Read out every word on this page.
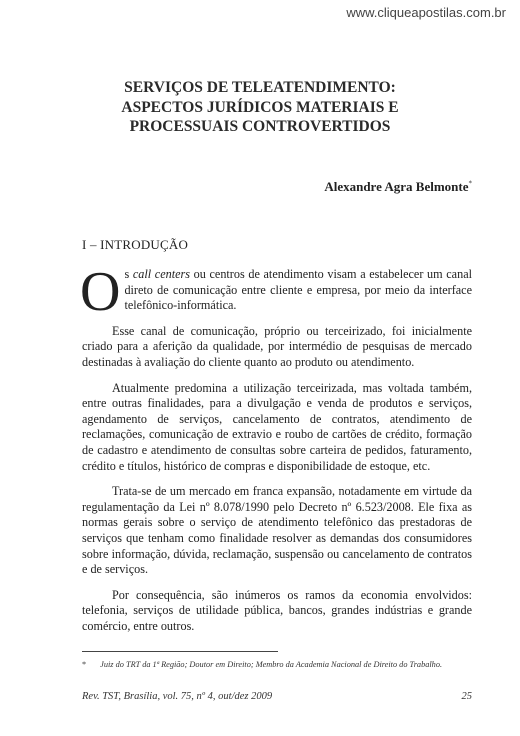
www.cliqueapostilas.com.br
SERVIÇOS DE TELEATENDIMENTO:
ASPECTOS JURÍDICOS MATERIAIS E
PROCESSUAIS CONTROVERTIDOS
Alexandre Agra Belmonte*
I – INTRODUÇÃO

Os call centers ou centros de atendimento visam a estabelecer um canal direto de comunicação entre cliente e empresa, por meio da interface telefônico-informática.

Esse canal de comunicação, próprio ou terceirizado, foi inicialmente criado para a aferição da qualidade, por intermédio de pesquisas de mercado destinadas à avaliação do cliente quanto ao produto ou atendimento.

Atualmente predomina a utilização terceirizada, mas voltada também, entre outras finalidades, para a divulgação e venda de produtos e serviços, agendamento de serviços, cancelamento de contratos, atendimento de reclamações, comunicação de extravio e roubo de cartões de crédito, formação de cadastro e atendimento de consultas sobre carteira de pedidos, faturamento, crédito e títulos, histórico de compras e disponibilidade de estoque, etc.

Trata-se de um mercado em franca expansão, notadamente em virtude da regulamentação da Lei nº 8.078/1990 pelo Decreto nº 6.523/2008. Ele fixa as normas gerais sobre o serviço de atendimento telefônico das prestadoras de serviços que tenham como finalidade resolver as demandas dos consumidores sobre informação, dúvida, reclamação, suspensão ou cancelamento de contratos e de serviços.

Por consequência, são inúmeros os ramos da economia envolvidos: telefonia, serviços de utilidade pública, bancos, grandes indústrias e grande comércio, entre outros.

* Juiz do TRT da 1ª Região; Doutor em Direito; Membro da Academia Nacional de Direito do Trabalho.
Rev. TST, Brasília, vol. 75, nº 4, out/dez 2009	25
